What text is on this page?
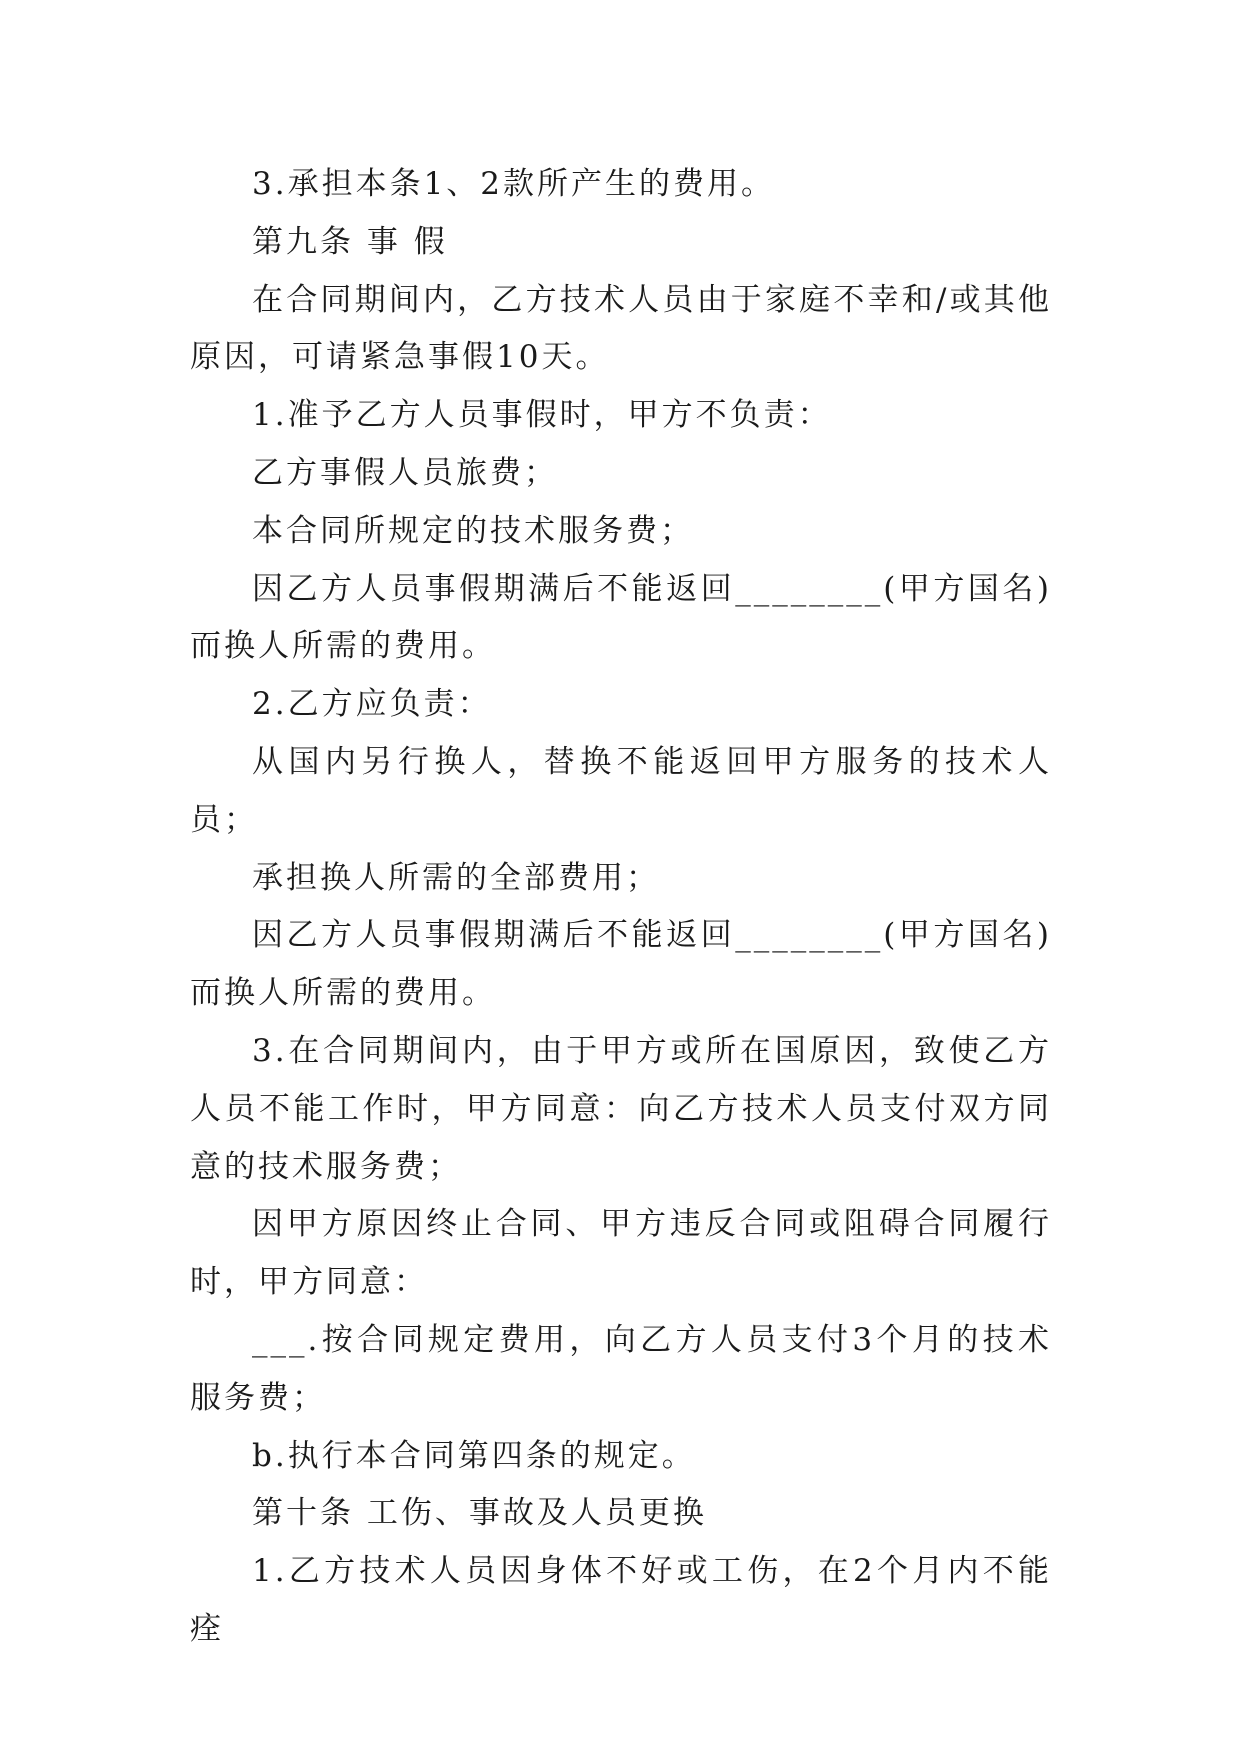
3.承担本条1、2款所产生的费用。

第九条 事 假

在合同期间内，乙方技术人员由于家庭不幸和/或其他原因，可请紧急事假10天。

1.准予乙方人员事假时，甲方不负责：

乙方事假人员旅费；

本合同所规定的技术服务费；

因乙方人员事假期满后不能返回________(甲方国名)而换人所需的费用。

2.乙方应负责：

从国内另行换人，替换不能返回甲方服务的技术人员；

承担换人所需的全部费用；

因乙方人员事假期满后不能返回________(甲方国名)而换人所需的费用。

3.在合同期间内，由于甲方或所在国原因，致使乙方人员不能工作时，甲方同意：向乙方技术人员支付双方同意的技术服务费；

因甲方原因终止合同、甲方违反合同或阻碍合同履行时，甲方同意：

___.按合同规定费用，向乙方人员支付3个月的技术服务费；

b.执行本合同第四条的规定。

第十条 工伤、事故及人员更换

1.乙方技术人员因身体不好或工伤，在2个月内不能痊
